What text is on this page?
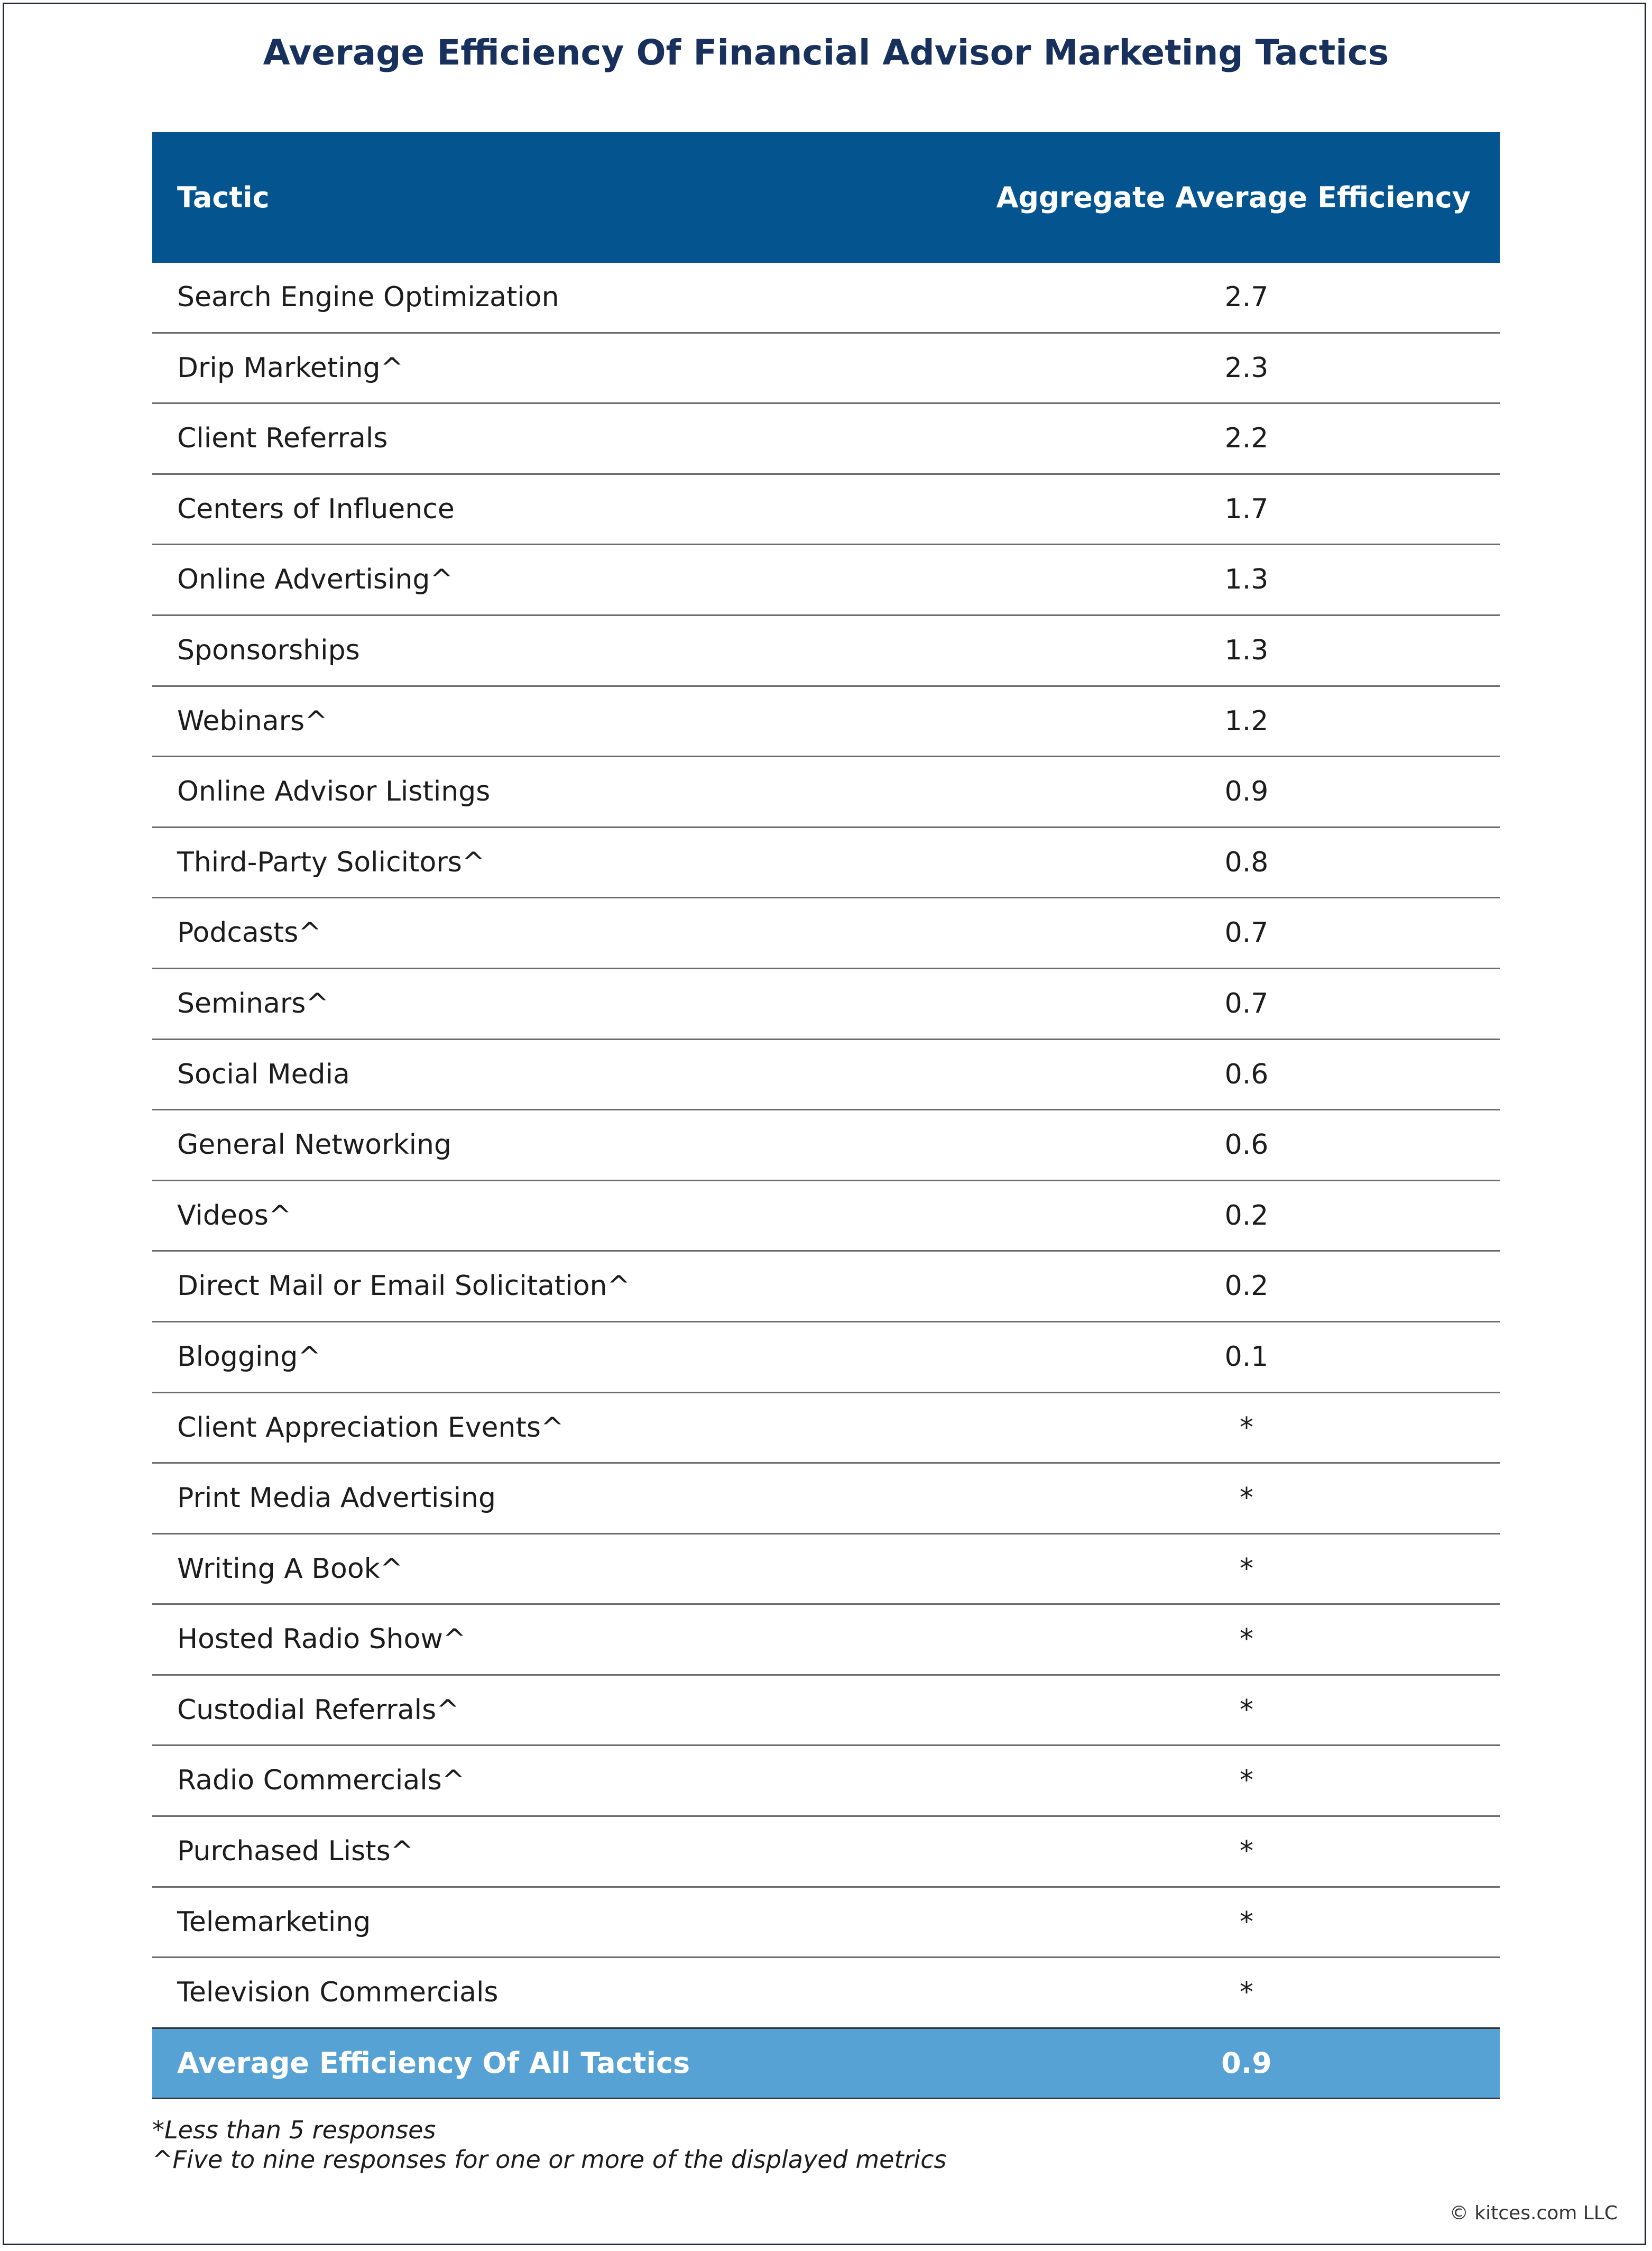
Average Efficiency Of Financial Advisor Marketing Tactics
Tactic	Aggregate Average Efficiency
Search Engine Optimization	2.7
Drip Marketing^	2.3
Client Referrals	2.2
Centers of Influence	1.7
Online Advertising^	1.3
Sponsorships	1.3
Webinars^	1.2
Online Advisor Listings	0.9
Third-Party Solicitors^	0.8
Podcasts^	0.7
Seminars^	0.7
Social Media	0.6
General Networking	0.6
Videos^	0.2
Direct Mail or Email Solicitation^	0.2
Blogging^	0.1
Client Appreciation Events^	*
Print Media Advertising	*
Writing A Book^	*
Hosted Radio Show^	*
Custodial Referrals^	*
Radio Commercials^	*
Purchased Lists^	*
Telemarketing	*
Television Commercials	*
Average Efficiency Of All Tactics	0.9
*Less than 5 responses
^Five to nine responses for one or more of the displayed metrics
© kitces.com LLC
